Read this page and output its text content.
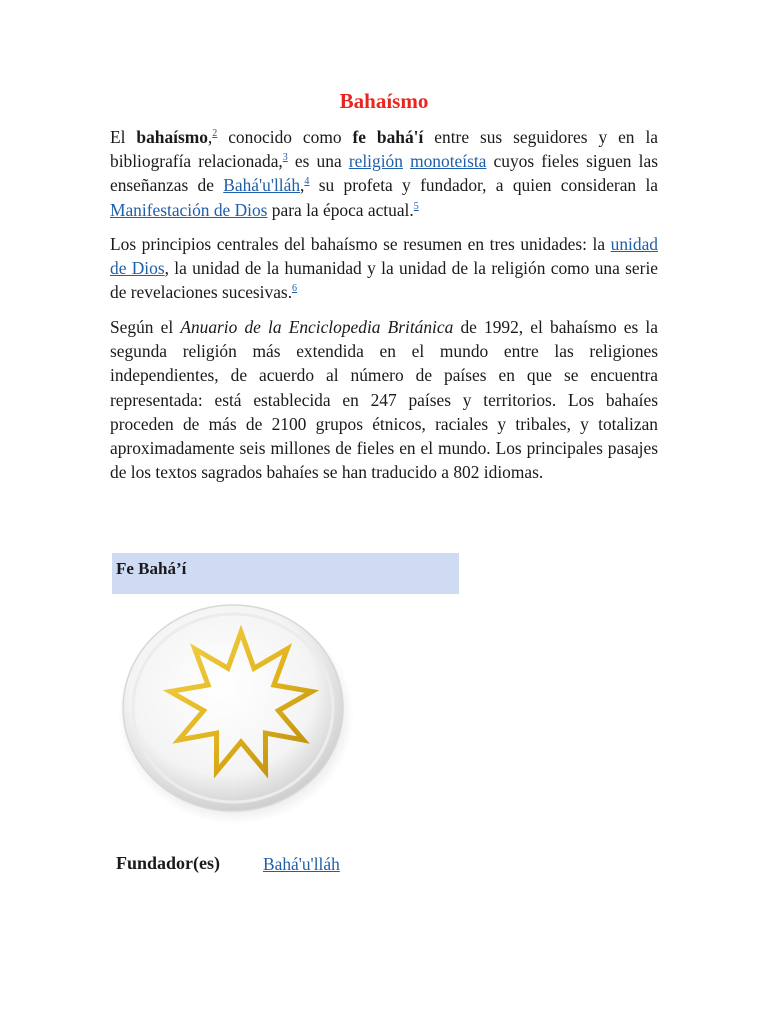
Bahaísmo

El bahaísmo,$^2$ conocido como fe bahá'í entre sus seguidores y en la bibliografía relacionada,$^3$ es una religión monoteísta cuyos fieles siguen las enseñanzas de Bahá'u'lláh,$^4$ su profeta y fundador, a quien consideran la Manifestación de Dios para la época actual.$^5$

Los principios centrales del bahaísmo se resumen en tres unidades: la unidad de Dios, la unidad de la humanidad y la unidad de la religión como una serie de revelaciones sucesivas.$^6$

Según el Anuario de la Enciclopedia Británica de 1992, el bahaísmo es la segunda religión más extendida en el mundo entre las religiones independientes, de acuerdo al número de países en que se encuentra representada: está establecida en 247 países y territorios. Los bahaíes proceden de más de 2100 grupos étnicos, raciales y tribales, y totalizan aproximadamente seis millones de fieles en el mundo. Los principales pasajes de los textos sagrados bahaíes se han traducido a 802 idiomas.

Fe Bahá’í
Fundador(es) Bahá'u'lláh
